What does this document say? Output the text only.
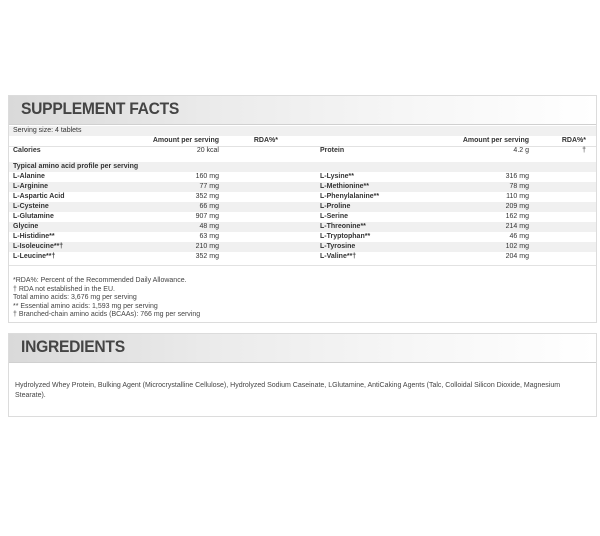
SUPPLEMENT FACTS
Serving size: 4 tablets
Amount per serving	RDA%*	Amount per serving	RDA%*
Calories	20 kcal	Protein	4.2 g	†
Typical amino acid profile per serving
L-Alanine	160 mg	L-Lysine**	316 mg
L-Arginine	77 mg	L-Methionine**	78 mg
L-Aspartic Acid	352 mg	L-Phenylalanine**	110 mg
L-Cysteine	66 mg	L-Proline	209 mg
L-Glutamine	907 mg	L-Serine	162 mg
Glycine	48 mg	L-Threonine**	214 mg
L-Histidine**	63 mg	L-Tryptophan**	46 mg
L-Isoleucine**†	210 mg	L-Tyrosine	102 mg
L-Leucine**†	352 mg	L-Valine**†	204 mg
*RDA%: Percent of the Recommended Daily Allowance.
† RDA not established in the EU.
Total amino acids: 3,676 mg per serving
** Essential amino acids: 1,593 mg per serving
† Branched-chain amino acids (BCAAs): 766 mg per serving
INGREDIENTS
Hydrolyzed Whey Protein, Bulking Agent (Microcrystalline Cellulose), Hydrolyzed Sodium Caseinate, LGlutamine, AntiCaking Agents (Talc, Colloidal Silicon Dioxide, Magnesium Stearate).
